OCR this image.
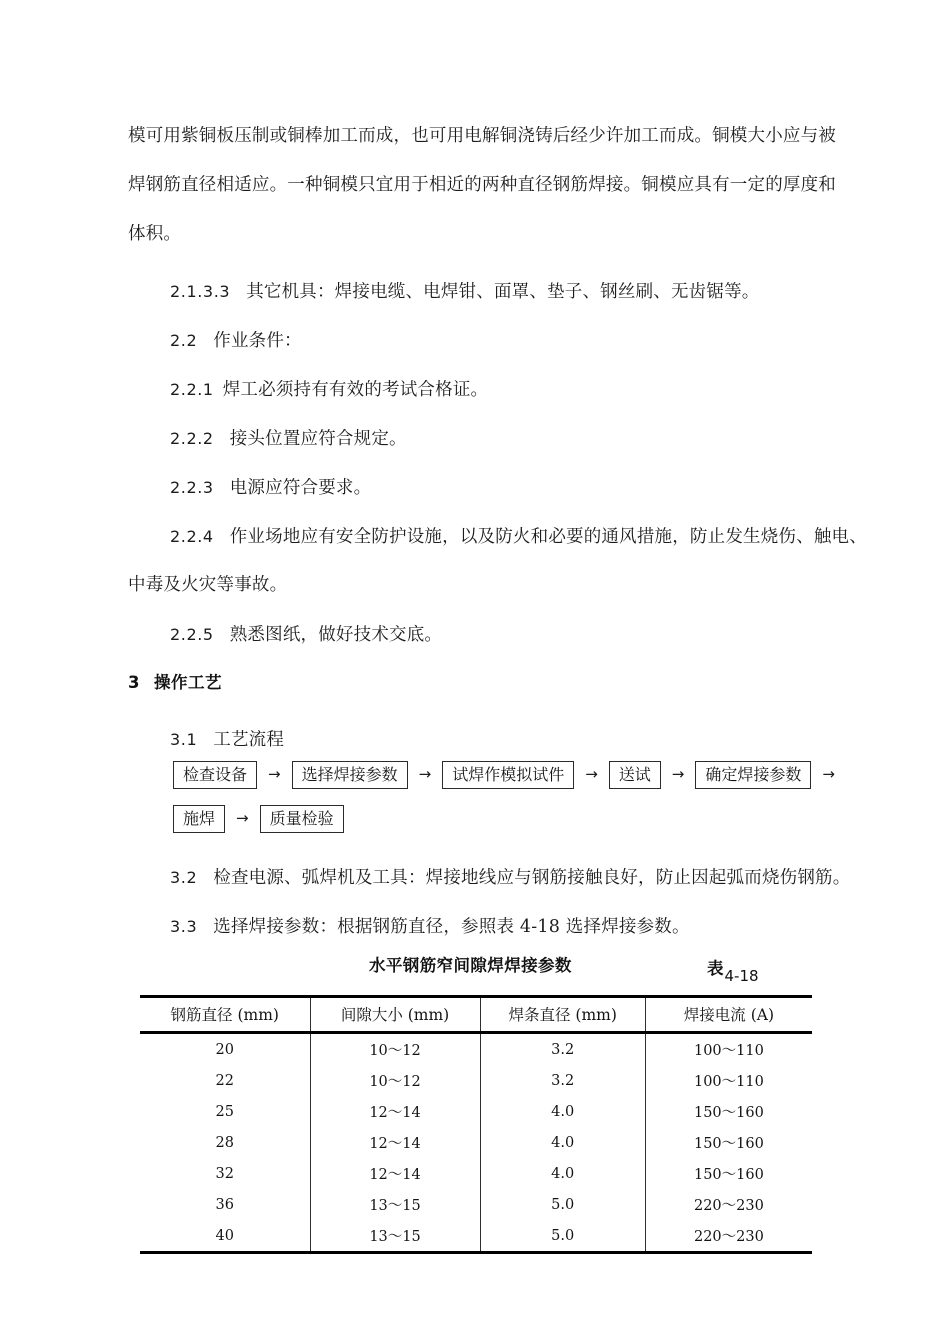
模可用紫铜板压制或铜棒加工而成，也可用电解铜浇铸后经少许加工而成。铜模大小应与被
焊钢筋直径相适应。一种铜模只宜用于相近的两种直径钢筋焊接。铜模应具有一定的厚度和
体积。
2.1.3.3 其它机具：焊接电缆、电焊钳、面罩、垫子、钢丝刷、无齿锯等。
2.2 作业条件：
2.2.1 焊工必须持有有效的考试合格证。
2.2.2 接头位置应符合规定。
2.2.3 电源应符合要求。
2.2.4 作业场地应有安全防护设施，以及防火和必要的通风措施，防止发生烧伤、触电、
中毒及火灾等事故。
2.2.5 熟悉图纸，做好技术交底。
3 操作工艺
3.1 工艺流程
检查设备	→	选择焊接参数	→	试焊作模拟试件	→	送试	→	确定焊接参数	→
施焊	→	质量检验
3.2 检查电源、弧焊机及工具：焊接地线应与钢筋接触良好，防止因起弧而烧伤钢筋。
3.3 选择焊接参数：根据钢筋直径，参照表 4-18 选择焊接参数。
水平钢筋窄间隙焊焊接参数	表4-18
钢筋直径 (mm)	间隙大小 (mm)	焊条直径 (mm)	焊接电流 (A)
20	10～12	3.2	100～110
22	10～12	3.2	100～110
25	12～14	4.0	150～160
28	12～14	4.0	150～160
32	12～14	4.0	150～160
36	13～15	5.0	220～230
40	13～15	5.0	220～230
